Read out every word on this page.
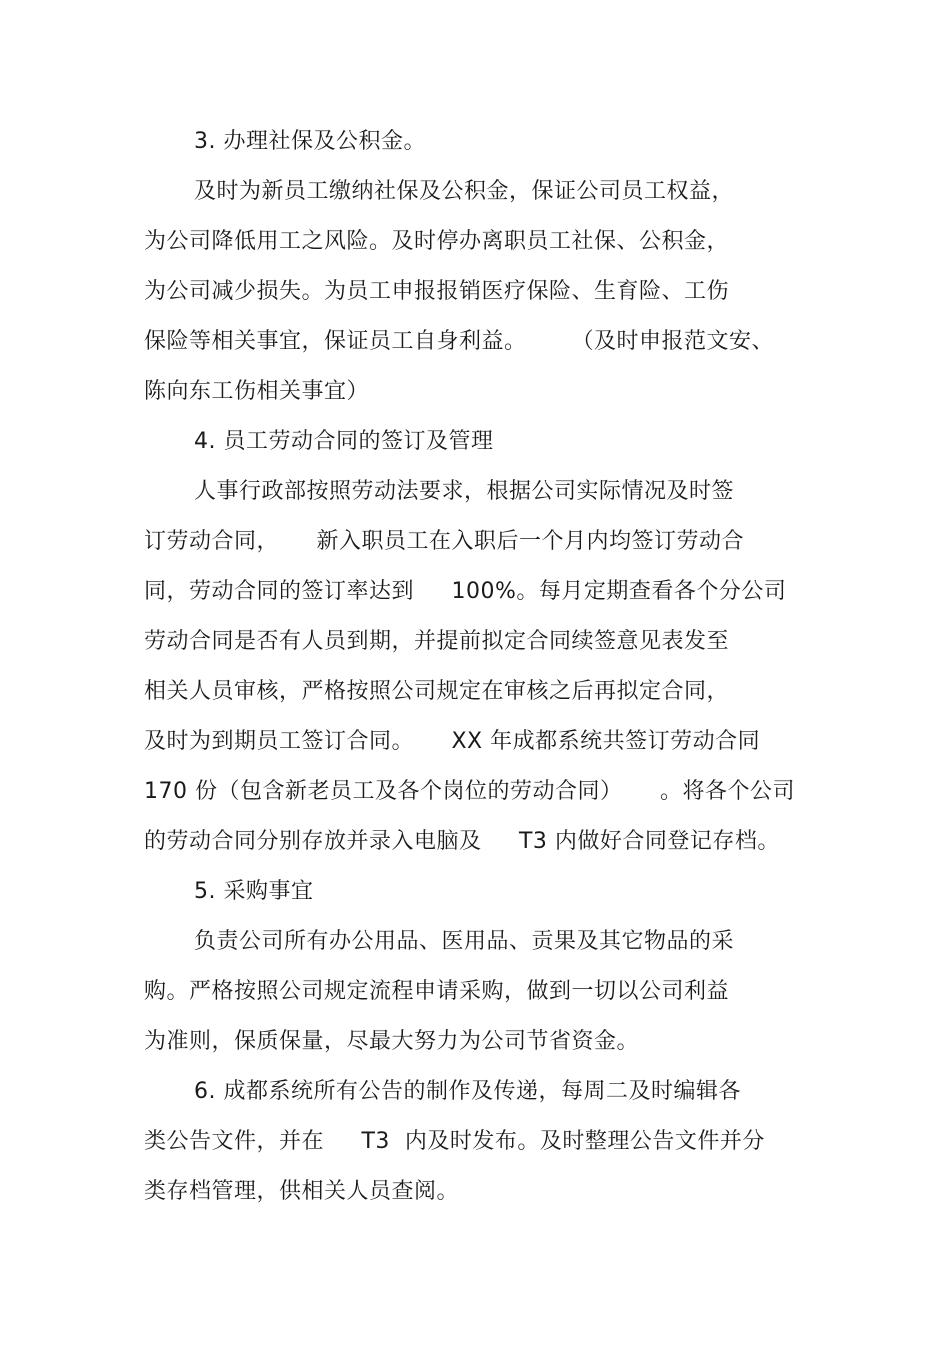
3. 办理社保及公积金。
及时为新员工缴纳社保及公积金，保证公司员工权益，
为公司降低用工之风险。及时停办离职员工社保、公积金，
为公司减少损失。为员工申报报销医疗保险、生育险、工伤
保险等相关事宜，保证员工自身利益。      （及时申报范文安、
陈向东工伤相关事宜）
4. 员工劳动合同的签订及管理
人事行政部按照劳动法要求，根据公司实际情况及时签
订劳动合同，     新入职员工在入职后一个月内均签订劳动合
同，劳动合同的签订率达到     100%。每月定期查看各个分公司
劳动合同是否有人员到期，并提前拟定合同续签意见表发至
相关人员审核，严格按照公司规定在审核之后再拟定合同，
及时为到期员工签订合同。     XX 年成都系统共签订劳动合同
170 份（包含新老员工及各个岗位的劳动合同）     。将各个公司
的劳动合同分别存放并录入电脑及     T3 内做好合同登记存档。
5. 采购事宜
负责公司所有办公用品、医用品、贡果及其它物品的采
购。严格按照公司规定流程申请采购，做到一切以公司利益
为准则，保质保量，尽最大努力为公司节省资金。
6. 成都系统所有公告的制作及传递，每周二及时编辑各
类公告文件，并在     T3  内及时发布。及时整理公告文件并分
类存档管理，供相关人员查阅。
